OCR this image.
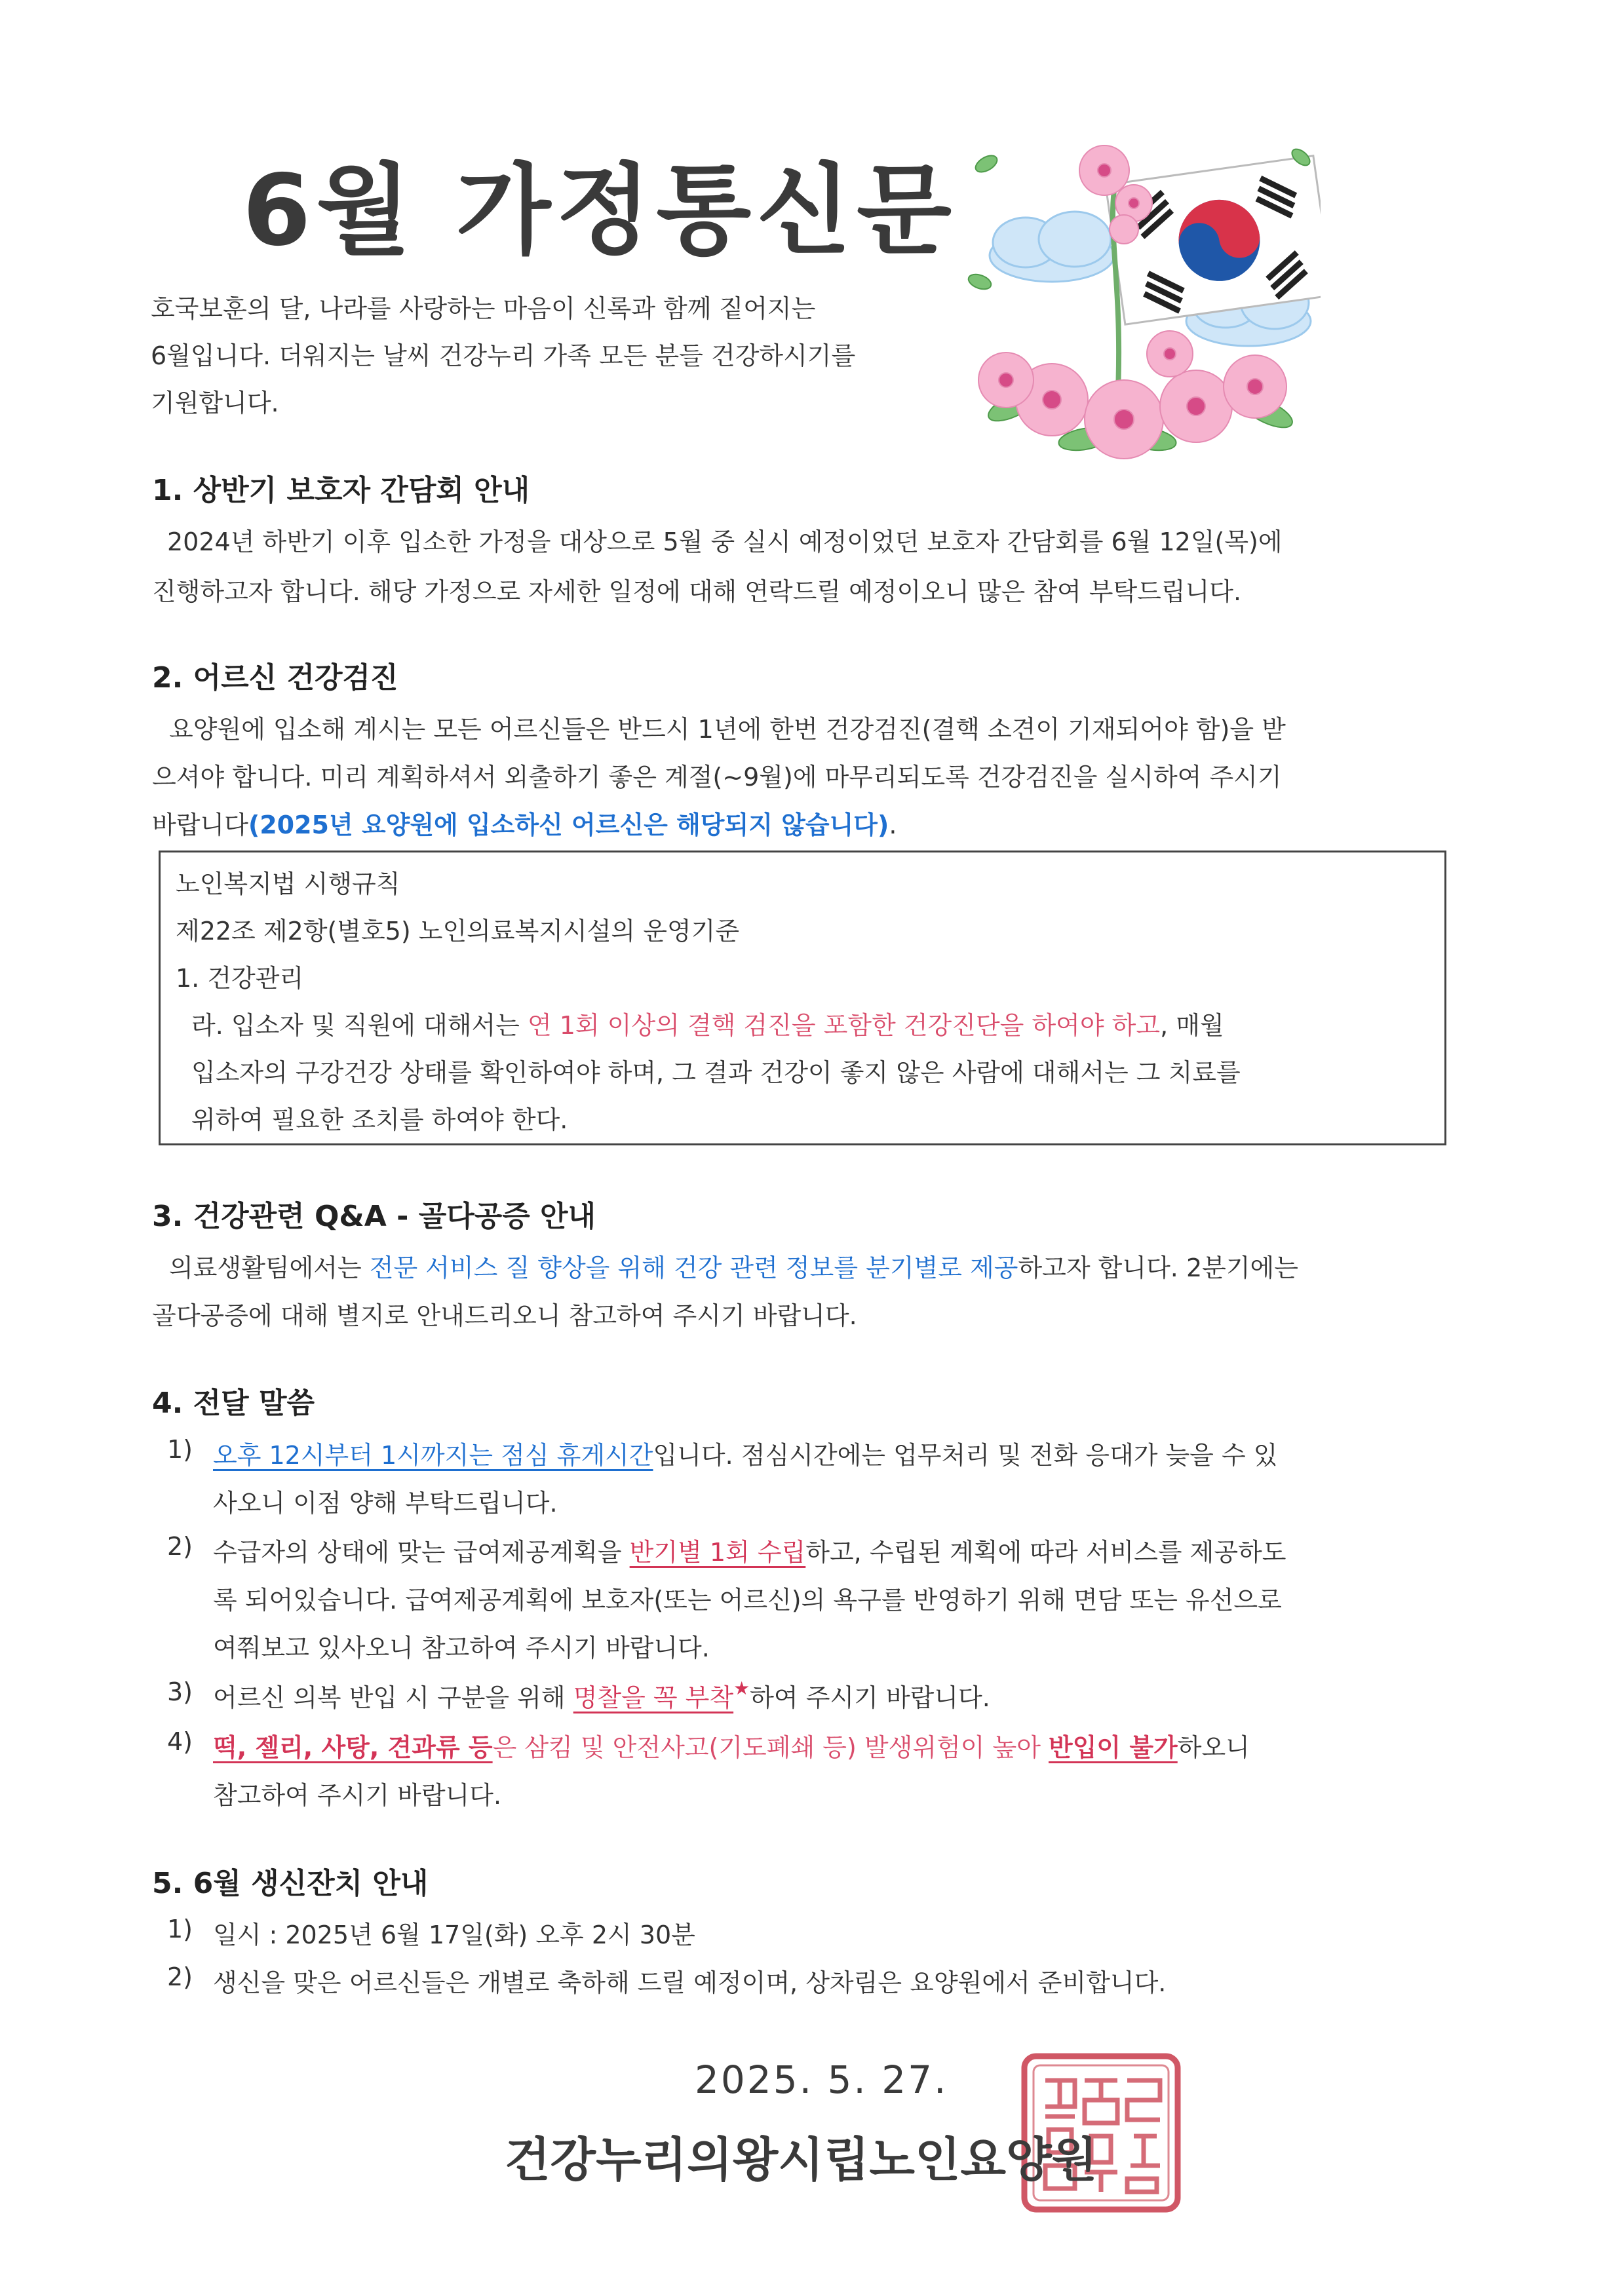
6월 가정통신문
호국보훈의 달, 나라를 사랑하는 마음이 신록과 함께 짙어지는
6월입니다. 더워지는 날씨 건강누리 가족 모든 분들 건강하시기를
기원합니다.
1. 상반기 보호자 간담회 안내
2024년 하반기 이후 입소한 가정을 대상으로 5월 중 실시 예정이었던 보호자 간담회를 6월 12일(목)에
진행하고자 합니다. 해당 가정으로 자세한 일정에 대해 연락드릴 예정이오니 많은 참여 부탁드립니다.
2. 어르신 건강검진
요양원에 입소해 계시는 모든 어르신들은 반드시 1년에 한번 건강검진(결핵 소견이 기재되어야 함)을 받
으셔야 합니다. 미리 계획하셔서 외출하기 좋은 계절(~9월)에 마무리되도록 건강검진을 실시하여 주시기
바랍니다(2025년 요양원에 입소하신 어르신은 해당되지 않습니다).
노인복지법 시행규칙
제22조 제2항(별호5) 노인의료복지시설의 운영기준
1. 건강관리
라. 입소자 및 직원에 대해서는 연 1회 이상의 결핵 검진을 포함한 건강진단을 하여야 하고, 매월
입소자의 구강건강 상태를 확인하여야 하며, 그 결과 건강이 좋지 않은 사람에 대해서는 그 치료를
위하여 필요한 조치를 하여야 한다.
3. 건강관련 Q&A - 골다공증 안내
의료생활팀에서는 전문 서비스 질 향상을 위해 건강 관련 정보를 분기별로 제공하고자 합니다. 2분기에는
골다공증에 대해 별지로 안내드리오니 참고하여 주시기 바랍니다.
4. 전달 말씀
1) 오후 12시부터 1시까지는 점심 휴게시간입니다. 점심시간에는 업무처리 및 전화 응대가 늦을 수 있
사오니 이점 양해 부탁드립니다.
2) 수급자의 상태에 맞는 급여제공계획을 반기별 1회 수립하고, 수립된 계획에 따라 서비스를 제공하도
록 되어있습니다. 급여제공계획에 보호자(또는 어르신)의 욕구를 반영하기 위해 면담 또는 유선으로
여쭤보고 있사오니 참고하여 주시기 바랍니다.
3) 어르신 의복 반입 시 구분을 위해 명찰을 꼭 부착★하여 주시기 바랍니다.
4) 떡, 젤리, 사탕, 견과류 등은 삼킴 및 안전사고(기도폐쇄 등) 발생위험이 높아 반입이 불가하오니
참고하여 주시기 바랍니다.
5. 6월 생신잔치 안내
1) 일시 : 2025년 6월 17일(화) 오후 2시 30분
2) 생신을 맞은 어르신들은 개별로 축하해 드릴 예정이며, 상차림은 요양원에서 준비합니다.
2025. 5. 27.
건강누리의왕시립노인요양원
